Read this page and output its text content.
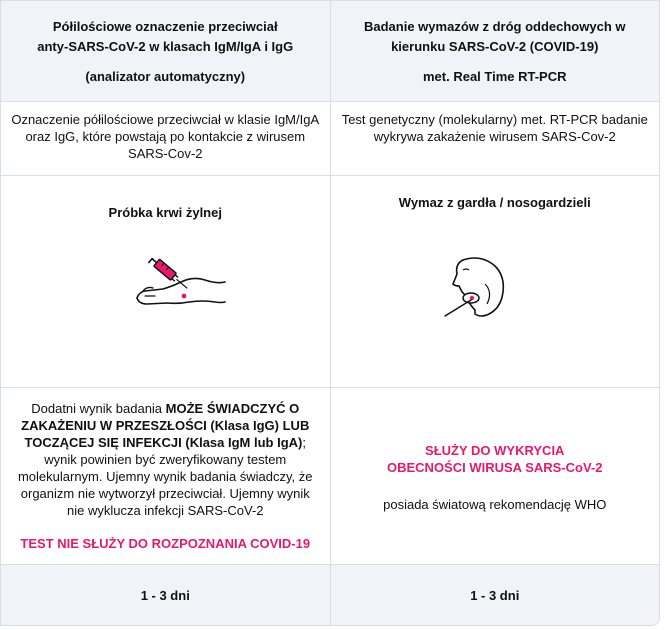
Półilościowe oznaczenie przeciwciał
anty-SARS-CoV-2 w klasach IgM/IgA i IgG
(analizator automatyczny)
Badanie wymazów z dróg oddechowych w
kierunku SARS-CoV-2 (COVID-19)
met. Real Time RT-PCR
Oznaczenie półilościowe przeciwciał w klasie IgM/IgA oraz IgG, które powstają po kontakcie z wirusem SARS-Cov-2
Test genetyczny (molekularny) met. RT-PCR badanie wykrywa zakażenie wirusem SARS-Cov-2
Próbka krwi żylnej
Wymaz z gardła / nosogardzieli
Dodatni wynik badania MOŻE ŚWIADCZYĆ O ZAKAŻENIU W PRZESZŁOŚCI (Klasa IgG) LUB TOCZĄCEJ SIĘ INFEKCJI (Klasa IgM lub IgA); wynik powinien być zweryfikowany testem molekularnym. Ujemny wynik badania świadczy, że organizm nie wytworzył przeciwciał. Ujemny wynik nie wyklucza infekcji SARS-CoV-2
TEST NIE SŁUŻY DO ROZPOZNANIA COVID-19
SŁUŻY DO WYKRYCIA OBECNOŚCI WIRUSA SARS-CoV-2
posiada światową rekomendację WHO
1 - 3 dni	1 - 3 dni
